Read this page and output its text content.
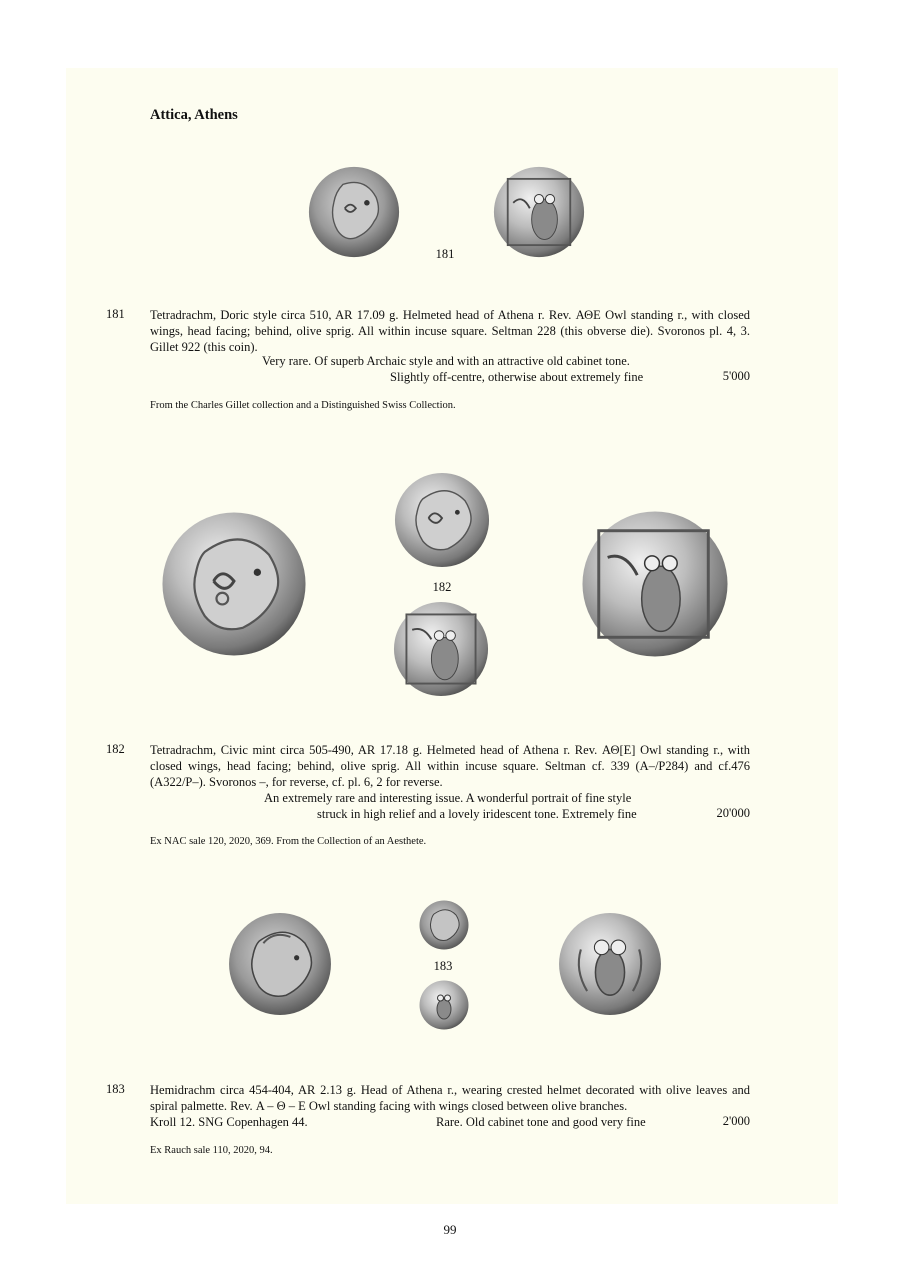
Attica, Athens
181
181 Tetradrachm, Doric style circa 510, AR 17.09 g. Helmeted head of Athena r. Rev. ΑΘΕ Owl standing r., with closed wings, head facing; behind, olive sprig. All within incuse square. Seltman 228 (this obverse die). Svoronos pl. 4, 3. Gillet 922 (this coin).

Very rare. Of superb Archaic style and with an attractive old cabinet tone.
Slightly off-centre, otherwise about extremely fine	5'000
From the Charles Gillet collection and a Distinguished Swiss Collection.
182
182 Tetradrachm, Civic mint circa 505-490, AR 17.18 g. Helmeted head of Athena r. Rev. ΑΘ[Ε] Owl standing r., with closed wings, head facing; behind, olive sprig. All within incuse square. Seltman cf. 339 (A–/P284) and cf.476 (A322/P–). Svoronos –, for reverse, cf. pl. 6, 2 for reverse.

An extremely rare and interesting issue. A wonderful portrait of fine style
struck in high relief and a lovely iridescent tone. Extremely fine	20'000
Ex NAC sale 120, 2020, 369. From the Collection of an Aesthete.
183
183 Hemidrachm circa 454-404, AR 2.13 g. Head of Athena r., wearing crested helmet decorated with olive leaves and spiral palmette. Rev. Α – Θ – Ε Owl standing facing with wings closed between olive branches.

Kroll 12. SNG Copenhagen 44.	Rare. Old cabinet tone and good very fine	2'000
Ex Rauch sale 110, 2020, 94.
99
